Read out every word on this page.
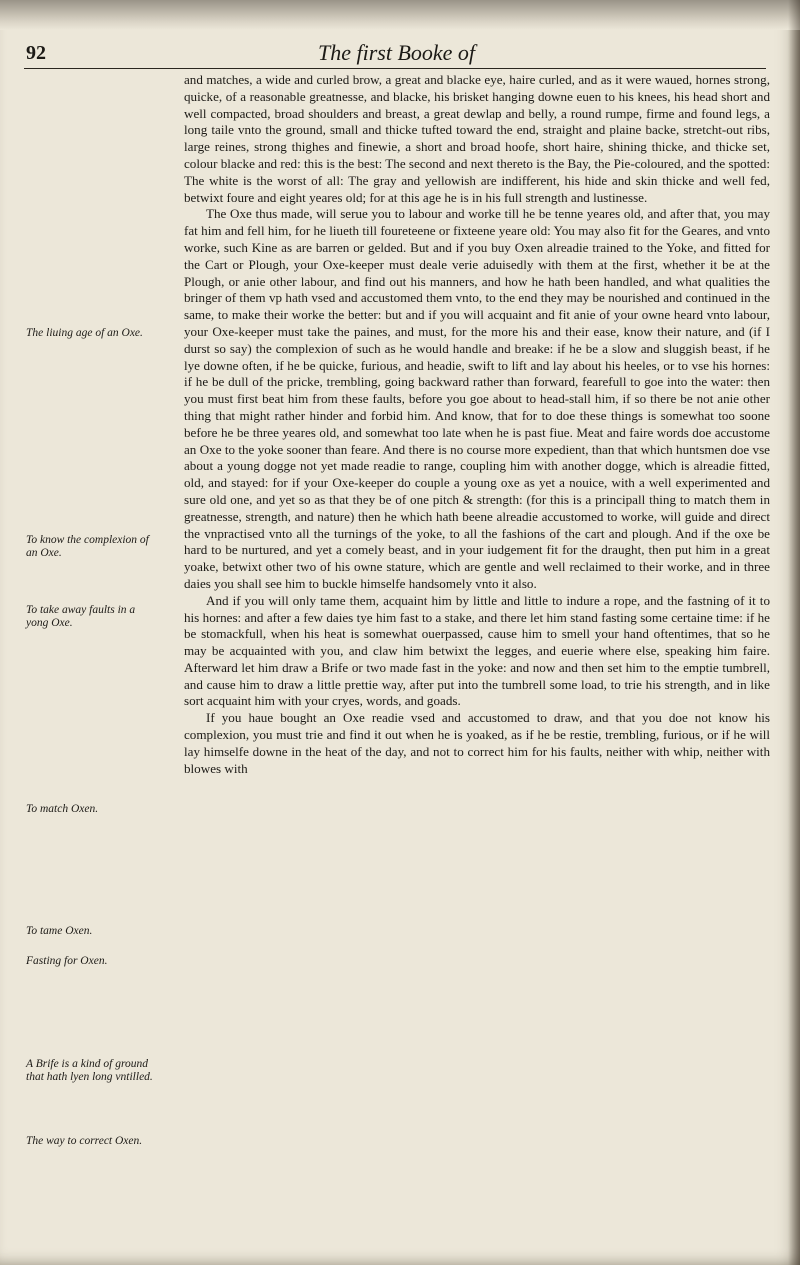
92	The first Booke of
The liuing age of an Oxe.
To know the complexion of an Oxe.
To take away faults in a yong Oxe.
To match Oxen.
To tame Oxen.
Fasting for Oxen.
A Brife is a kind of ground that hath lyen long vntilled.
The way to correct Oxen.

and matches, a wide and curled brow, a great and blacke eye, haire curled, and as it were waued, hornes strong, quicke, of a reasonable greatnesse, and blacke, his brisket hanging downe euen to his knees, his head short and well compacted, broad shoulders and breast, a great dewlap and belly, a round rumpe, firme and found legs, a long taile vnto the ground, small and thicke tufted toward the end, straight and plaine backe, stretcht-out ribs, large reines, strong thighes and finewie, a short and broad hoofe, short haire, shining thicke, and thicke set, colour blacke and red: this is the best: The second and next thereto is the Bay, the Pie-coloured, and the spotted: The white is the worst of all: The gray and yellowish are indifferent, his hide and skin thicke and well fed, betwixt foure and eight yeares old; for at this age he is in his full strength and lustinesse.

The Oxe thus made, will serue you to labour and worke till he be tenne yeares old, and after that, you may fat him and fell him, for he liueth till foureteene or fixteene yeare old: You may also fit for the Geares, and vnto worke, such Kine as are barren or gelded. But and if you buy Oxen alreadie trained to the Yoke, and fitted for the Cart or Plough, your Oxe-keeper must deale verie aduisedly with them at the first, whether it be at the Plough, or anie other labour, and find out his manners, and how he hath been handled, and what qualities the bringer of them vp hath vsed and accustomed them vnto, to the end they may be nourished and continued in the same, to make their worke the better: but and if you will acquaint and fit anie of your owne heard vnto labour, your Oxe-keeper must take the paines, and must, for the more his and their ease, know their nature, and (if I durst so say) the complexion of such as he would handle and breake: if he be a slow and sluggish beast, if he lye downe often, if he be quicke, furious, and headie, swift to lift and lay about his heeles, or to vse his hornes: if he be dull of the pricke, trembling, going backward rather than forward, fearefull to goe into the water: then you must first beat him from these faults, before you goe about to head-stall him, if so there be not anie other thing that might rather hinder and forbid him. And know, that for to doe these things is somewhat too soone before he be three yeares old, and somewhat too late when he is past fiue. Meat and faire words doe accustome an Oxe to the yoke sooner than feare. And there is no course more expedient, than that which huntsmen doe vse about a young dogge not yet made readie to range, coupling him with another dogge, which is alreadie fitted, old, and stayed: for if your Oxe-keeper do couple a young oxe as yet a nouice, with a well experimented and sure old one, and yet so as that they be of one pitch & strength: (for this is a principall thing to match them in greatnesse, strength, and nature) then he which hath beene alreadie accustomed to worke, will guide and direct the vnpractised vnto all the turnings of the yoke, to all the fashions of the cart and plough. And if the oxe be hard to be nurtured, and yet a comely beast, and in your iudgement fit for the draught, then put him in a great yoake, betwixt other two of his owne stature, which are gentle and well reclaimed to their worke, and in three daies you shall see him to buckle himselfe handsomely vnto it also.

And if you will only tame them, acquaint him by little and little to indure a rope, and the fastning of it to his hornes: and after a few daies tye him fast to a stake, and there let him stand fasting some certaine time: if he be stomackfull, when his heat is somewhat ouerpassed, cause him to smell your hand oftentimes, that so he may be acquainted with you, and claw him betwixt the legges, and euerie where else, speaking him faire. Afterward let him draw a Brife or two made fast in the yoke: and now and then set him to the emptie tumbrell, and cause him to draw a little prettie way, after put into the tumbrell some load, to trie his strength, and in like sort acquaint him with your cryes, words, and goads.

If you haue bought an Oxe readie vsed and accustomed to draw, and that you doe not know his complexion, you must trie and find it out when he is yoaked, as if he be restie, trembling, furious, or if he will lay himselfe downe in the heat of the day, and not to correct him for his faults, neither with whip, neither with blowes with
